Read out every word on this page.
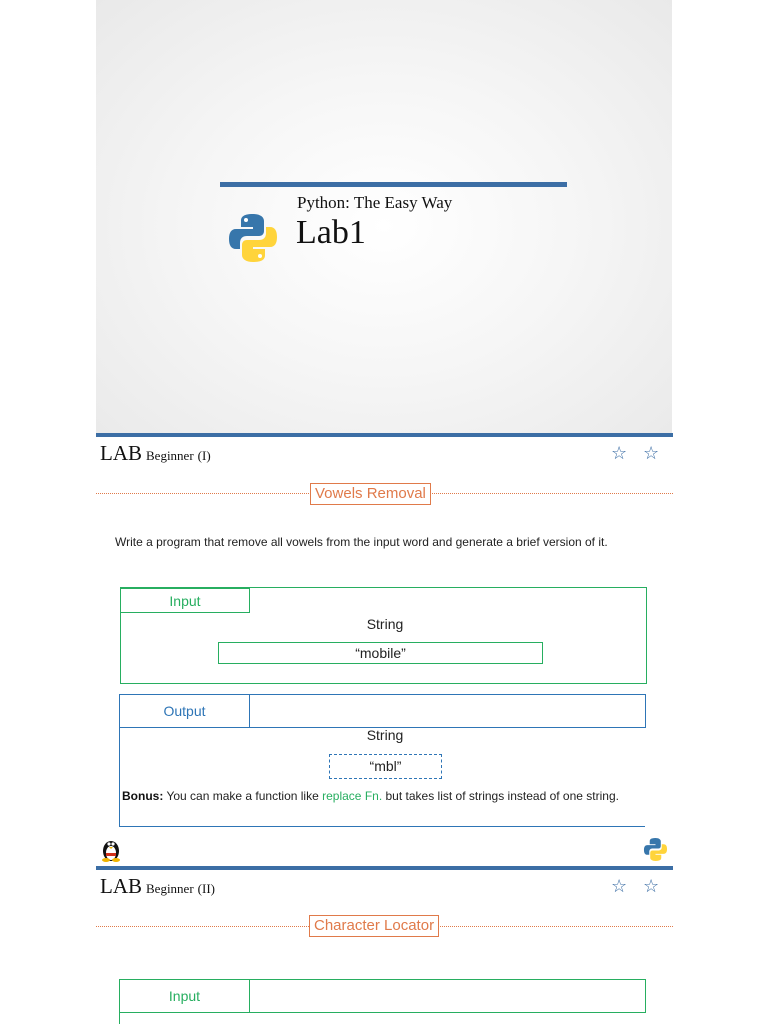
Python: The Easy Way
Lab1
LAB Beginner (I)	☆ ☆
Vowels Removal
Write a program that remove all vowels from the input word and generate a brief version of it.
Input
String
“mobile”
Output
String
“mbl”
Bonus: You can make a function like replace Fn. but takes list of strings instead of one string.
LAB Beginner (II)	☆ ☆
Character Locator
Input
